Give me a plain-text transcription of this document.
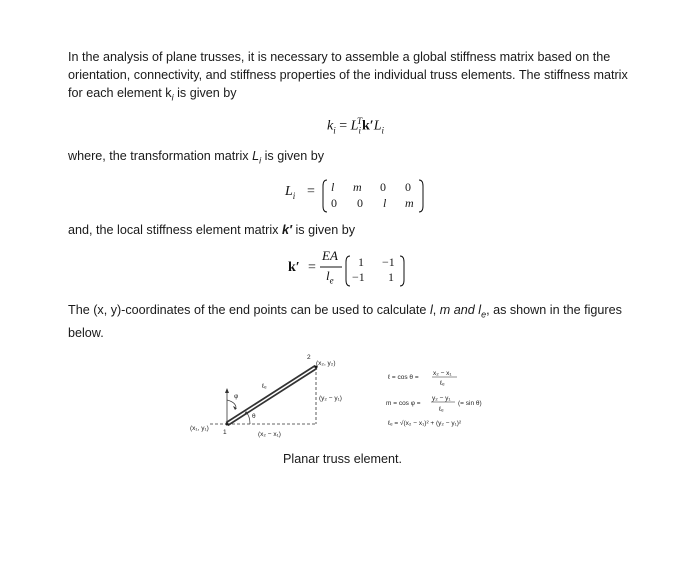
In the analysis of plane trusses, it is necessary to assemble a global stiffness matrix based on the orientation, connectivity, and stiffness properties of the individual truss elements. The stiffness matrix for each element $k_i$ is given by
$k_i = L_i^Tk'L_i$
where, the transformation matrix $L_i$ is given by
$L_i = l$ m 0 0
0 0 l m
and, the local stiffness element matrix k′ is given by
k′ =
EA
$l_e$
1 −1
−1 1
The (x, y)-coordinates of the end points can be used to calculate l, m and $l_e$, as shown in the figures below.
(x₁, y₁)
1
2
(x₂, y₂)
(y₂ − y₁)
(x₂ − x₁)
ℓₑ
φ
θ
ℓ = cos θ =
x₂ − x₁
ℓₑ
m = cos φ =
y₂ − y₁
ℓₑ
(= sin θ)
ℓₑ = √(x₂ − x₁)² + (y₂ − y₁)²
Planar truss element.
